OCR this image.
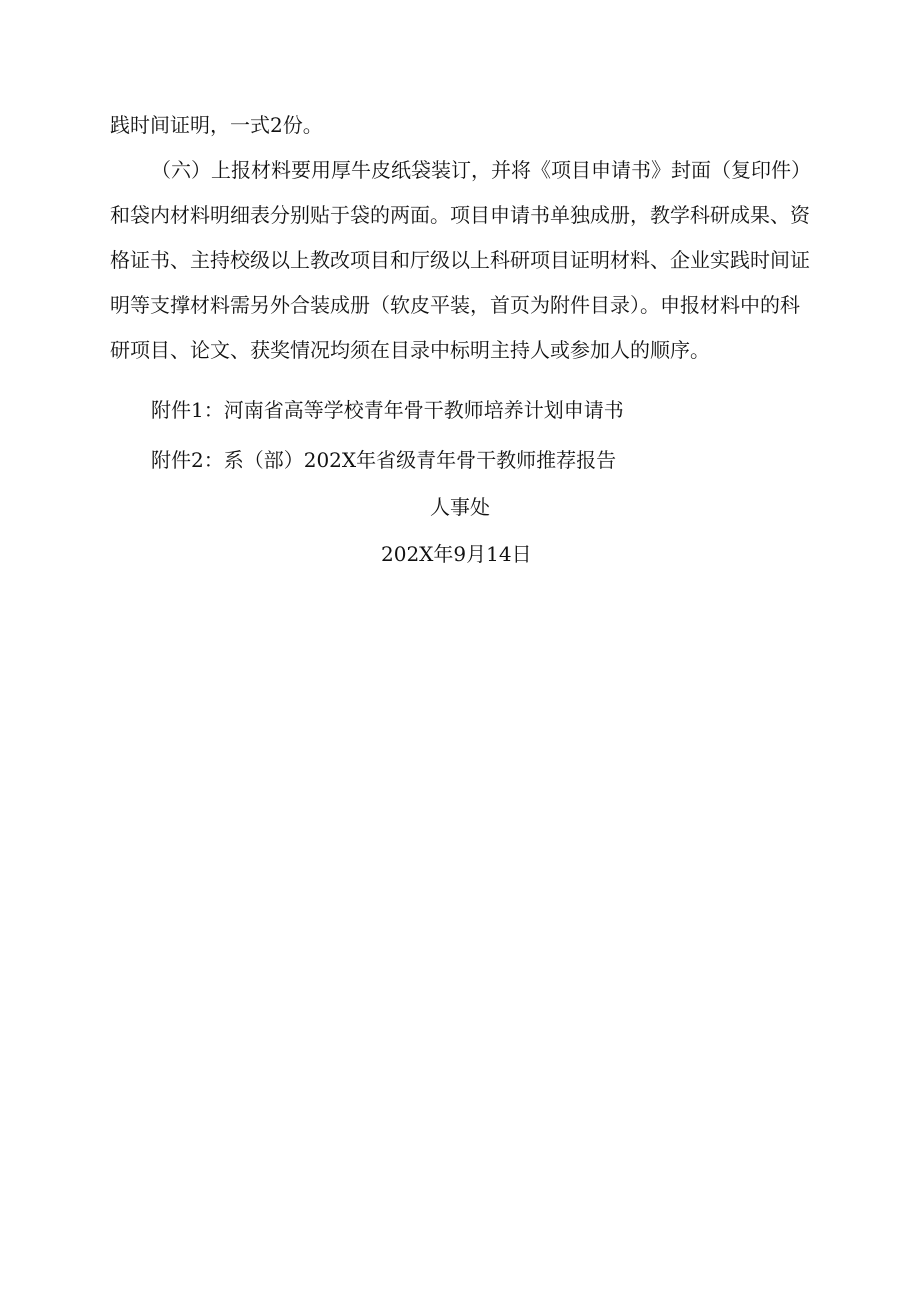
践时间证明，一式2份。
（六）上报材料要用厚牛皮纸袋装订，并将《项目申请书》封面（复印件）
和袋内材料明细表分别贴于袋的两面。项目申请书单独成册，教学科研成果、资
格证书、主持校级以上教改项目和厅级以上科研项目证明材料、企业实践时间证
明等支撑材料需另外合装成册（软皮平装，首页为附件目录）。申报材料中的科
研项目、论文、获奖情况均须在目录中标明主持人或参加人的顺序。
附件1：河南省高等学校青年骨干教师培养计划申请书
附件2：系（部）202X年省级青年骨干教师推荐报告
人事处
202X年9月14日
